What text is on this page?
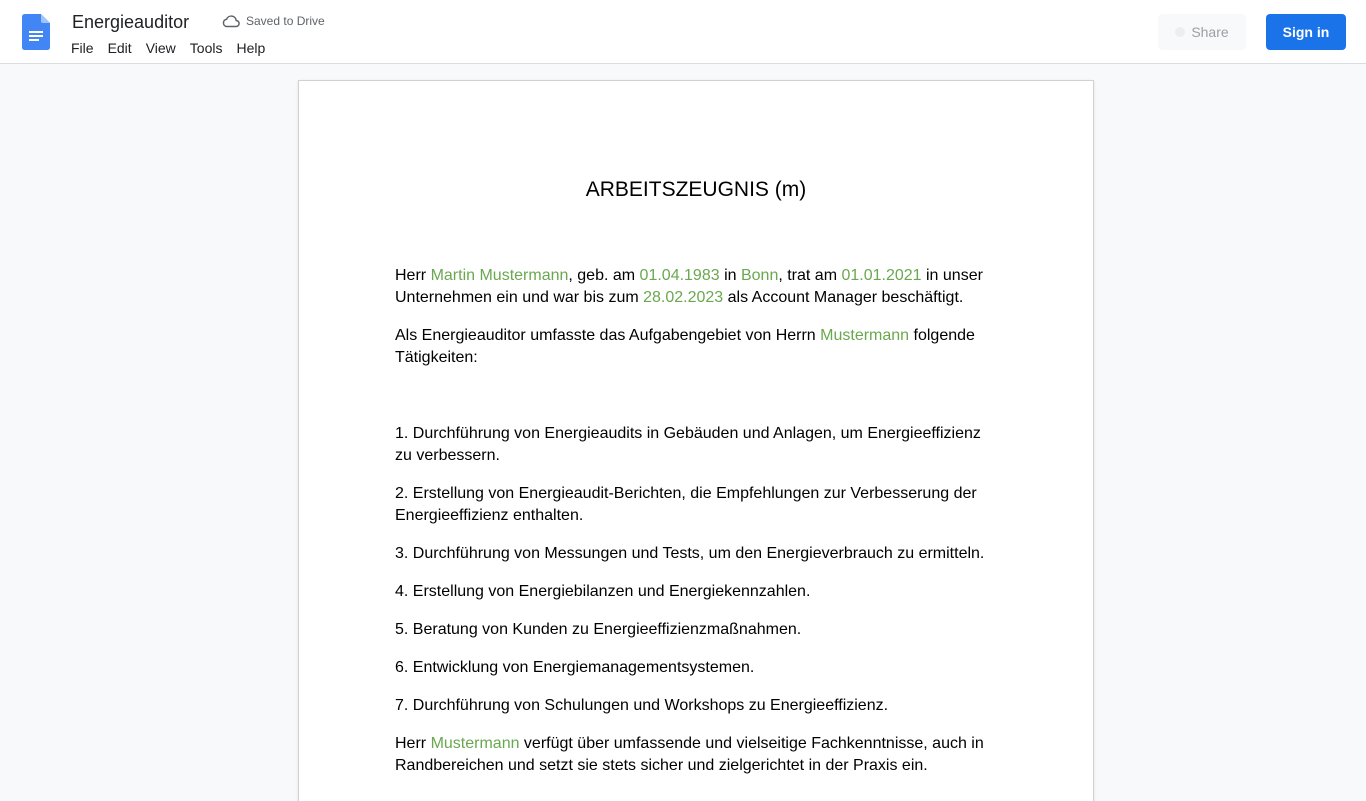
Energieauditor	Saved to Drive
File	Edit	View	Tools	Help
Share	Sign in
ARBEITSZEUGNIS (m)

Herr Martin Mustermann, geb. am 01.04.1983 in Bonn, trat am 01.01.2021 in unser Unternehmen ein und war bis zum 28.02.2023 als Account Manager beschäftigt.

Als Energieauditor umfasste das Aufgabengebiet von Herrn Mustermann folgende Tätigkeiten:

1. Durchführung von Energieaudits in Gebäuden und Anlagen, um Energieeffizienz zu verbessern.

2. Erstellung von Energieaudit-Berichten, die Empfehlungen zur Verbesserung der Energieeffizienz enthalten.

3. Durchführung von Messungen und Tests, um den Energieverbrauch zu ermitteln.

4. Erstellung von Energiebilanzen und Energiekennzahlen.

5. Beratung von Kunden zu Energieeffizienzmaßnahmen.

6. Entwicklung von Energiemanagementsystemen.

7. Durchführung von Schulungen und Workshops zu Energieeffizienz.

Herr Mustermann verfügt über umfassende und vielseitige Fachkenntnisse, auch in Randbereichen und setzt sie stets sicher und zielgerichtet in der Praxis ein.
